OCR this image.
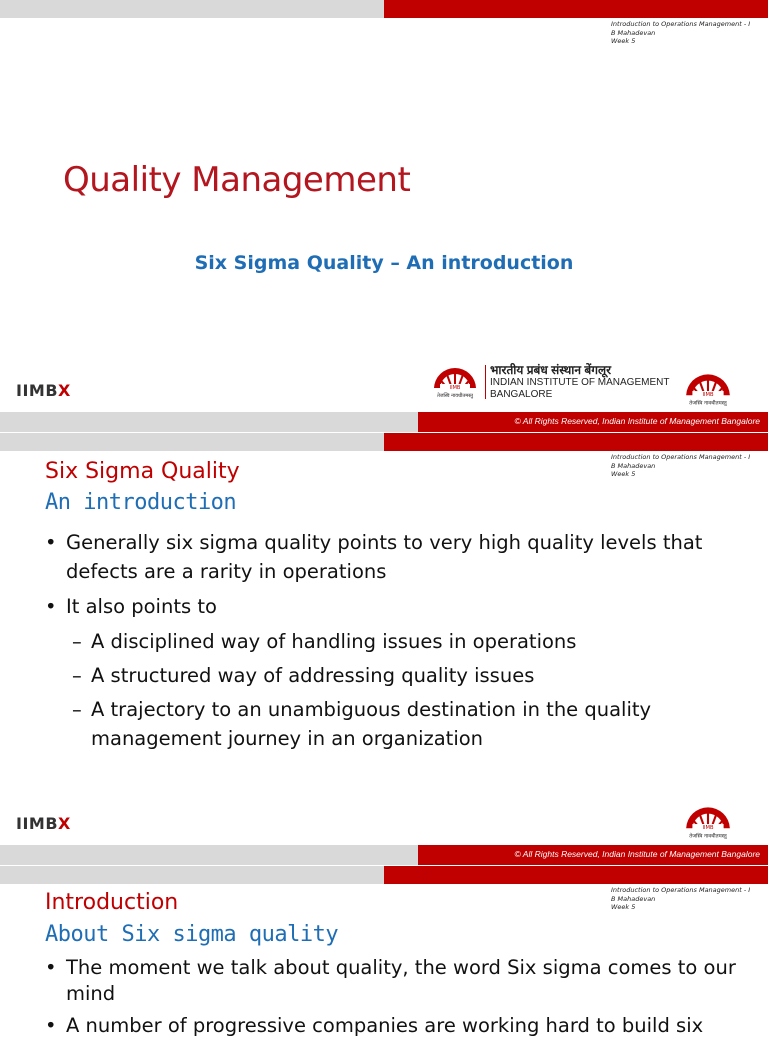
Introduction to Operations Management - I
B Mahadevan
Week 5
Quality Management
Six Sigma Quality – An introduction
IIMBX	IIMB
तेजस्वि नावधीतमस्तु
भारतीय प्रबंध संस्थान बेंगलूर
INDIAN INSTITUTE OF MANAGEMENT
BANGALORE	IIMB
तेजस्वि नावधीतमस्तु
© All Rights Reserved, Indian Institute of Management Bangalore
Introduction to Operations Management - I
B Mahadevan
Week 5
Six Sigma Quality
An introduction
• Generally six sigma quality points to very high quality levels that defects are a rarity in operations
• It also points to
– A disciplined way of handling issues in operations
– A structured way of addressing quality issues
– A trajectory to an unambiguous destination in the quality management journey in an organization
IIMBX	IIMB
तेजस्वि नावधीतमस्तु
© All Rights Reserved, Indian Institute of Management Bangalore
Introduction to Operations Management - I
B Mahadevan
Week 5
Introduction
About Six sigma quality
• The moment we talk about quality, the word Six sigma comes to our mind
• A number of progressive companies are working hard to build six
